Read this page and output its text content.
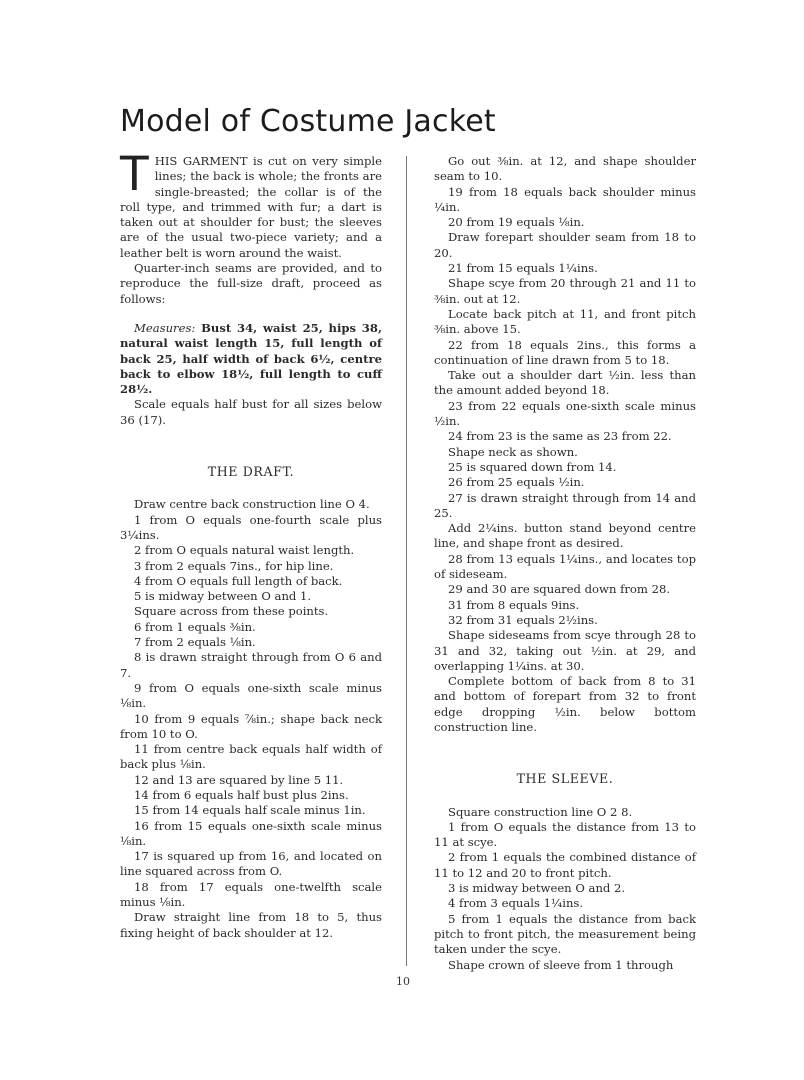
Model of Costume Jacket

THIS GARMENT is cut on very simple lines; the back is whole; the fronts are single-breasted; the collar is of the roll type, and trimmed with fur; a dart is taken out at shoulder for bust; the sleeves are of the usual two-piece variety; and a leather belt is worn around the waist.

Quarter-inch seams are provided, and to reproduce the full-size draft, proceed as follows:

Measures: Bust 34, waist 25, hips 38, natural waist length 15, full length of back 25, half width of back 6½, centre back to elbow 18½, full length to cuff 28½.

Scale equals half bust for all sizes below 36 (17).

THE DRAFT.

Draw centre back construction line O 4.

1 from O equals one-fourth scale plus 3¼ins.

2 from O equals natural waist length.

3 from 2 equals 7ins., for hip line.

4 from O equals full length of back.

5 is midway between O and 1.

Square across from these points.

6 from 1 equals ⅜in.

7 from 2 equals ⅛in.

8 is drawn straight through from O 6 and 7.

9 from O equals one-sixth scale minus ⅛in.

10 from 9 equals ⅞in.; shape back neck from 10 to O.

11 from centre back equals half width of back plus ⅛in.

12 and 13 are squared by line 5 11.

14 from 6 equals half bust plus 2ins.

15 from 14 equals half scale minus 1in.

16 from 15 equals one-sixth scale minus ⅛in.

17 is squared up from 16, and located on line squared across from O.

18 from 17 equals one-twelfth scale minus ⅛in.

Draw straight line from 18 to 5, thus fixing height of back shoulder at 12.

Go out ⅜in. at 12, and shape shoulder seam to 10.

19 from 18 equals back shoulder minus ¼in.

20 from 19 equals ⅛in.

Draw forepart shoulder seam from 18 to 20.

21 from 15 equals 1¼ins.

Shape scye from 20 through 21 and 11 to ⅜in. out at 12.

Locate back pitch at 11, and front pitch ⅜in. above 15.

22 from 18 equals 2ins., this forms a continuation of line drawn from 5 to 18.

Take out a shoulder dart ½in. less than the amount added beyond 18.

23 from 22 equals one-sixth scale minus ½in.

24 from 23 is the same as 23 from 22.

Shape neck as shown.

25 is squared down from 14.

26 from 25 equals ½in.

27 is drawn straight through from 14 and 25.

Add 2¼ins. button stand beyond centre line, and shape front as desired.

28 from 13 equals 1¼ins., and locates top of sideseam.

29 and 30 are squared down from 28.

31 from 8 equals 9ins.

32 from 31 equals 2½ins.

Shape sideseams from scye through 28 to 31 and 32, taking out ½in. at 29, and overlapping 1¼ins. at 30.

Complete bottom of back from 8 to 31 and bottom of forepart from 32 to front edge dropping ½in. below bottom construction line.

THE SLEEVE.

Square construction line O 2 8.

1 from O equals the distance from 13 to 11 at scye.

2 from 1 equals the combined distance of 11 to 12 and 20 to front pitch.

3 is midway between O and 2.

4 from 3 equals 1¼ins.

5 from 1 equals the distance from back pitch to front pitch, the measurement being taken under the scye.

Shape crown of sleeve from 1 through

10
